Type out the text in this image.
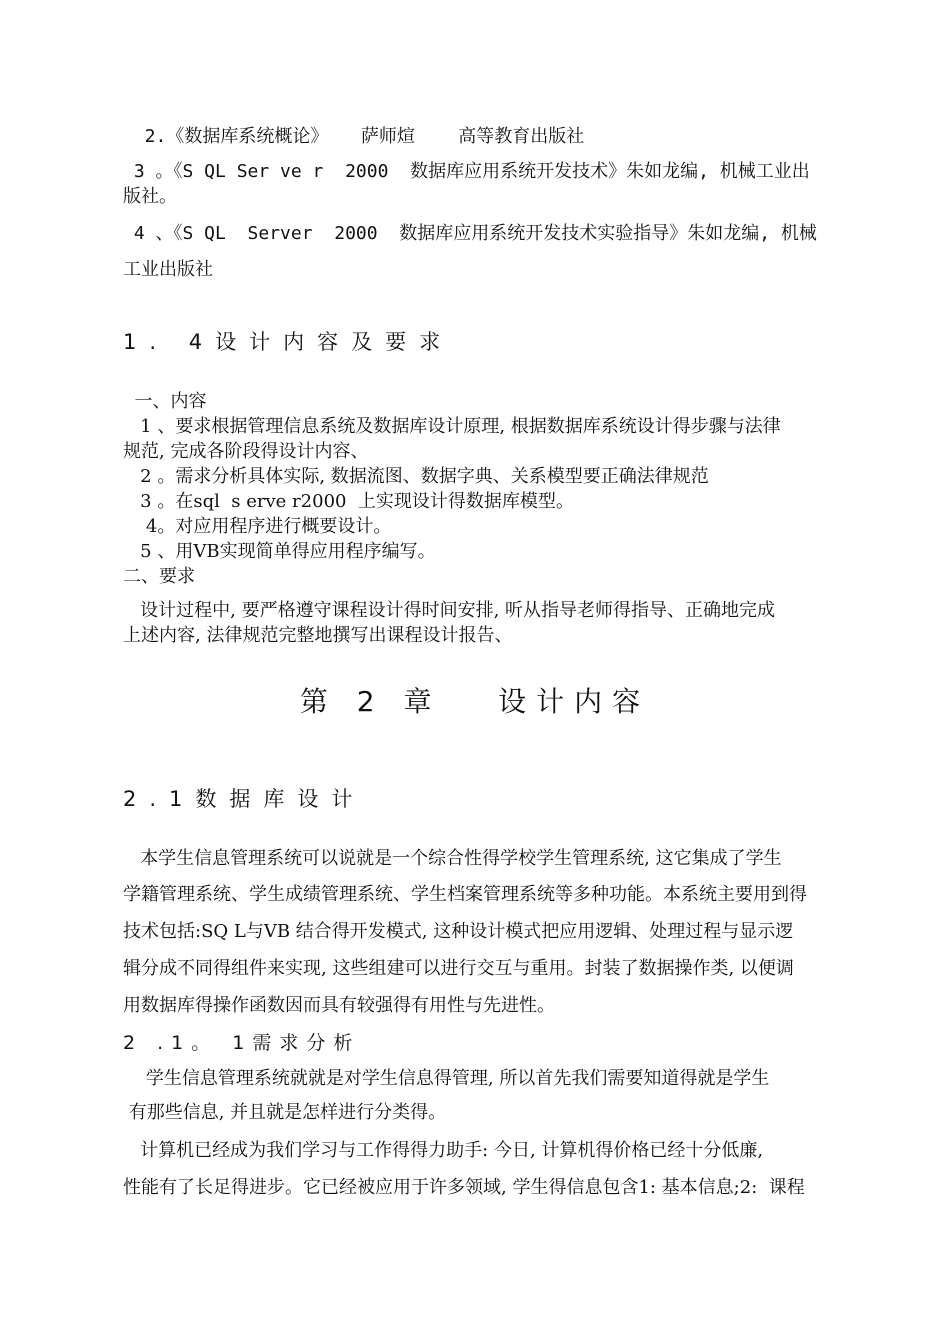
2.《数据库系统概论》   萨师煊    高等教育出版社
3 。《S QL Ser ve r  2000  数据库应用系统开发技术》朱如龙编, 机械工业出
版社。
4 、《S QL  Server  2000  数据库应用系统开发技术实验指导》朱如龙编, 机械
工业出版社
1. 4设计内容及要求
一、内容
1 、要求根据管理信息系统及数据库设计原理, 根据数据库系统设计得步骤与法律
规范, 完成各阶段得设计内容、
2 。需求分析具体实际, 数据流图、数据字典、关系模型要正确法律规范
3 。在sql  s erve r2000  上实现设计得数据库模型。
4。对应用程序进行概要设计。
5 、用VB实现简单得应用程序编写。
二、要求
设计过程中, 要严格遵守课程设计得时间安排, 听从指导老师得指导、正确地完成
上述内容, 法律规范完整地撰写出课程设计报告、
第 2 章   设计内容
2.1数据库设计
本学生信息管理系统可以说就是一个综合性得学校学生管理系统, 这它集成了学生
学籍管理系统、学生成绩管理系统、学生档案管理系统等多种功能。本系统主要用到得
技术包括:SQ L与VB 结合得开发模式, 这种设计模式把应用逻辑、处理过程与显示逻
辑分成不同得组件来实现, 这些组建可以进行交互与重用。封装了数据操作类, 以便调
用数据库得操作函数因而具有较强得有用性与先进性。
2 .1。 1需求分析
学生信息管理系统就就是对学生信息得管理, 所以首先我们需要知道得就是学生
有那些信息, 并且就是怎样进行分类得。
计算机已经成为我们学习与工作得得力助手: 今日, 计算机得价格已经十分低廉,
性能有了长足得进步。它已经被应用于许多领域, 学生得信息包含1: 基本信息;2:  课程
